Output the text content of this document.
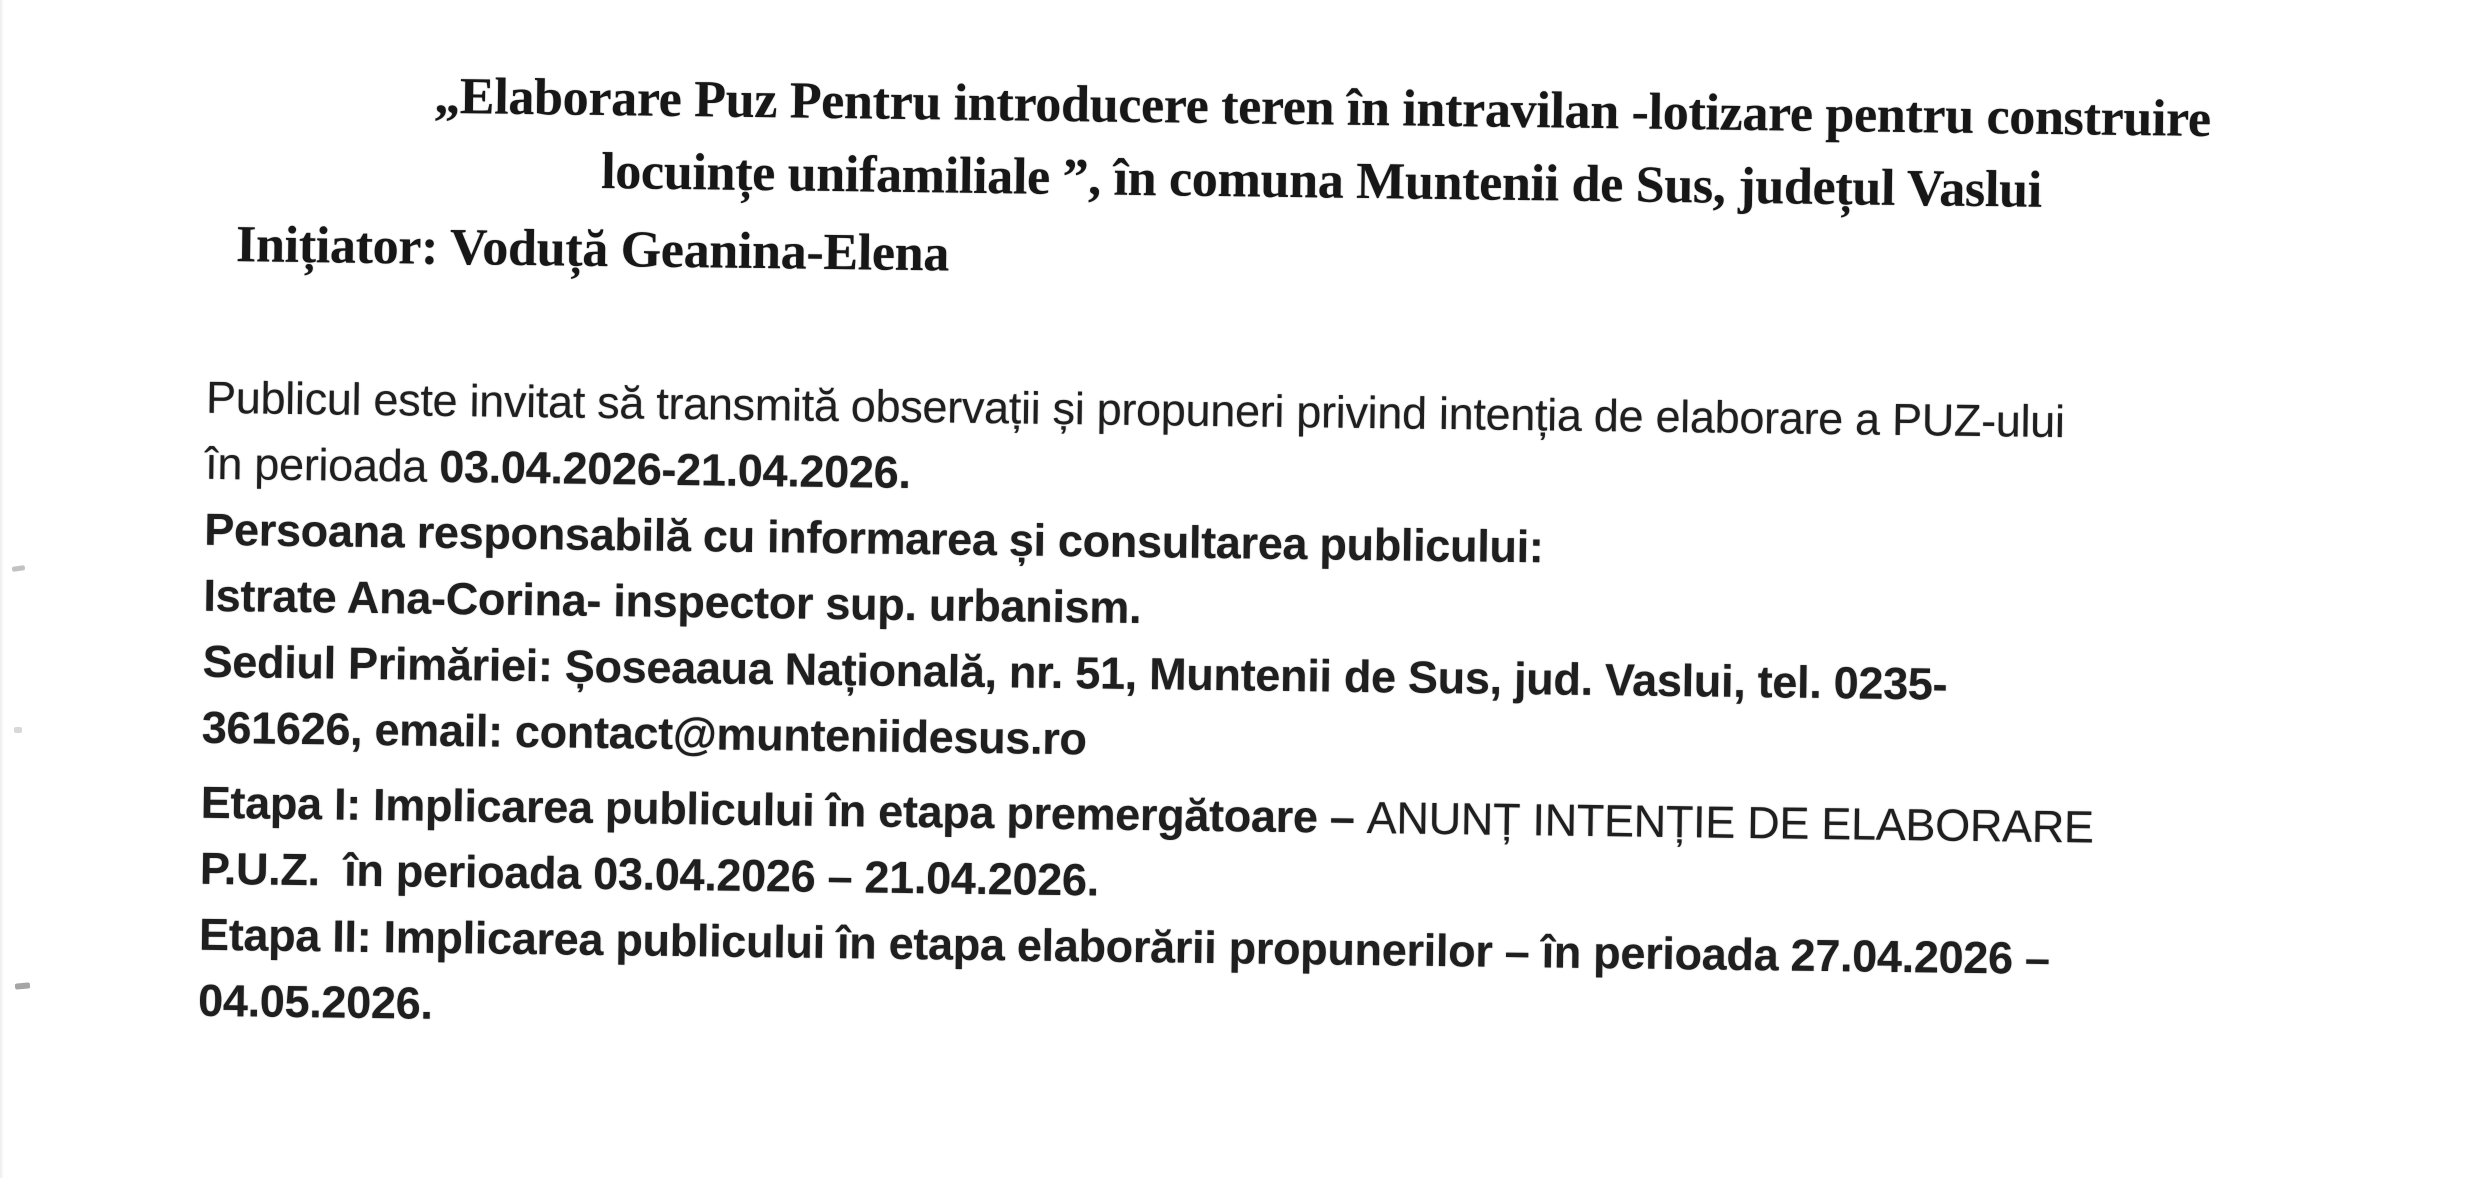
„Elaborare Puz Pentru introducere teren în intravilan -lotizare pentru construire
locuințe unifamiliale ”, în comuna Muntenii de Sus, județul Vaslui
Inițiator: Voduță Geanina-Elena
Publicul este invitat să transmită observații și propuneri privind intenția de elaborare a PUZ-ului
în perioada 03.04.2026-21.04.2026.
Persoana responsabilă cu informarea și consultarea publicului:
Istrate Ana-Corina- inspector sup. urbanism.
Sediul Primăriei: Șoseaaua Națională, nr. 51, Muntenii de Sus, jud. Vaslui, tel. 0235-
361626, email: contact@munteniidesus.ro
Etapa I: Implicarea publicului în etapa premergătoare – ANUNȚ INTENȚIE DE ELABORARE
P.U.Z.  în perioada 03.04.2026 – 21.04.2026.
Etapa II: Implicarea publicului în etapa elaborării propunerilor – în perioada 27.04.2026 –
04.05.2026.
